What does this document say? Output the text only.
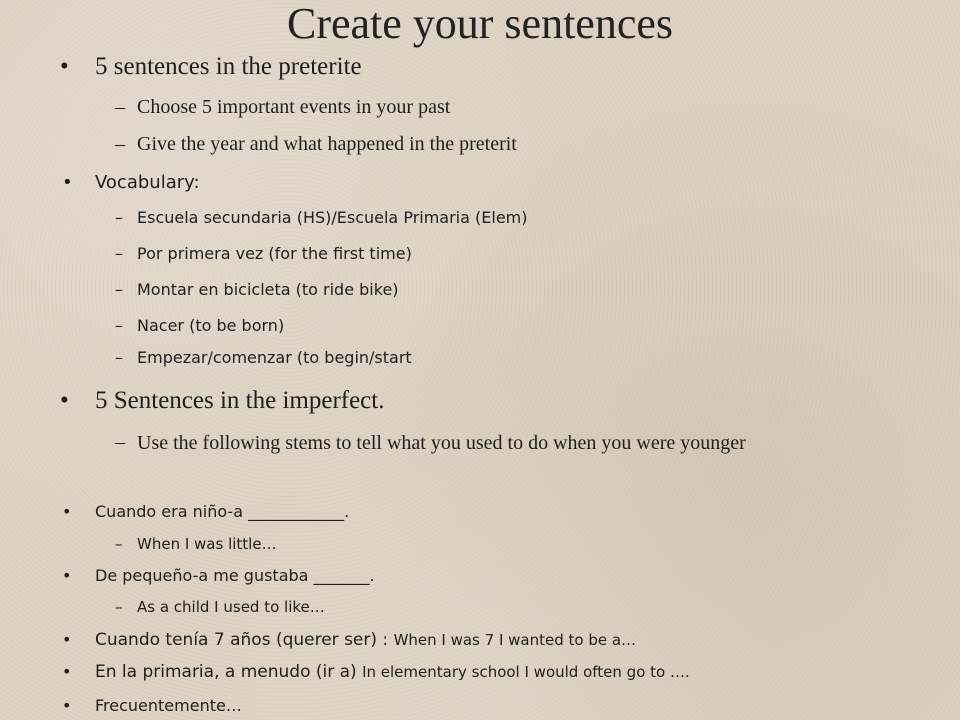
Create your sentences
• 5 sentences in the preterite
– Choose 5 important events in your past
– Give the year and what happened in the preterit
• Vocabulary:
– Escuela secundaria (HS)/Escuela Primaria (Elem)
– Por primera vez (for the first time)
– Montar en bicicleta (to ride bike)
– Nacer (to be born)
– Empezar/comenzar (to begin/start
• 5 Sentences in the imperfect.
– Use the following stems to tell what you used to do when you were younger
• Cuando era niño-a ____________.
– When I was little…
• De pequeño-a me gustaba _______.
– As a child I used to like…
• Cuando tenía 7 años (querer ser) : When I was 7 I wanted to be a…
• En la primaria, a menudo (ir a) In elementary school I would often go to ….
• Frecuentemente…
